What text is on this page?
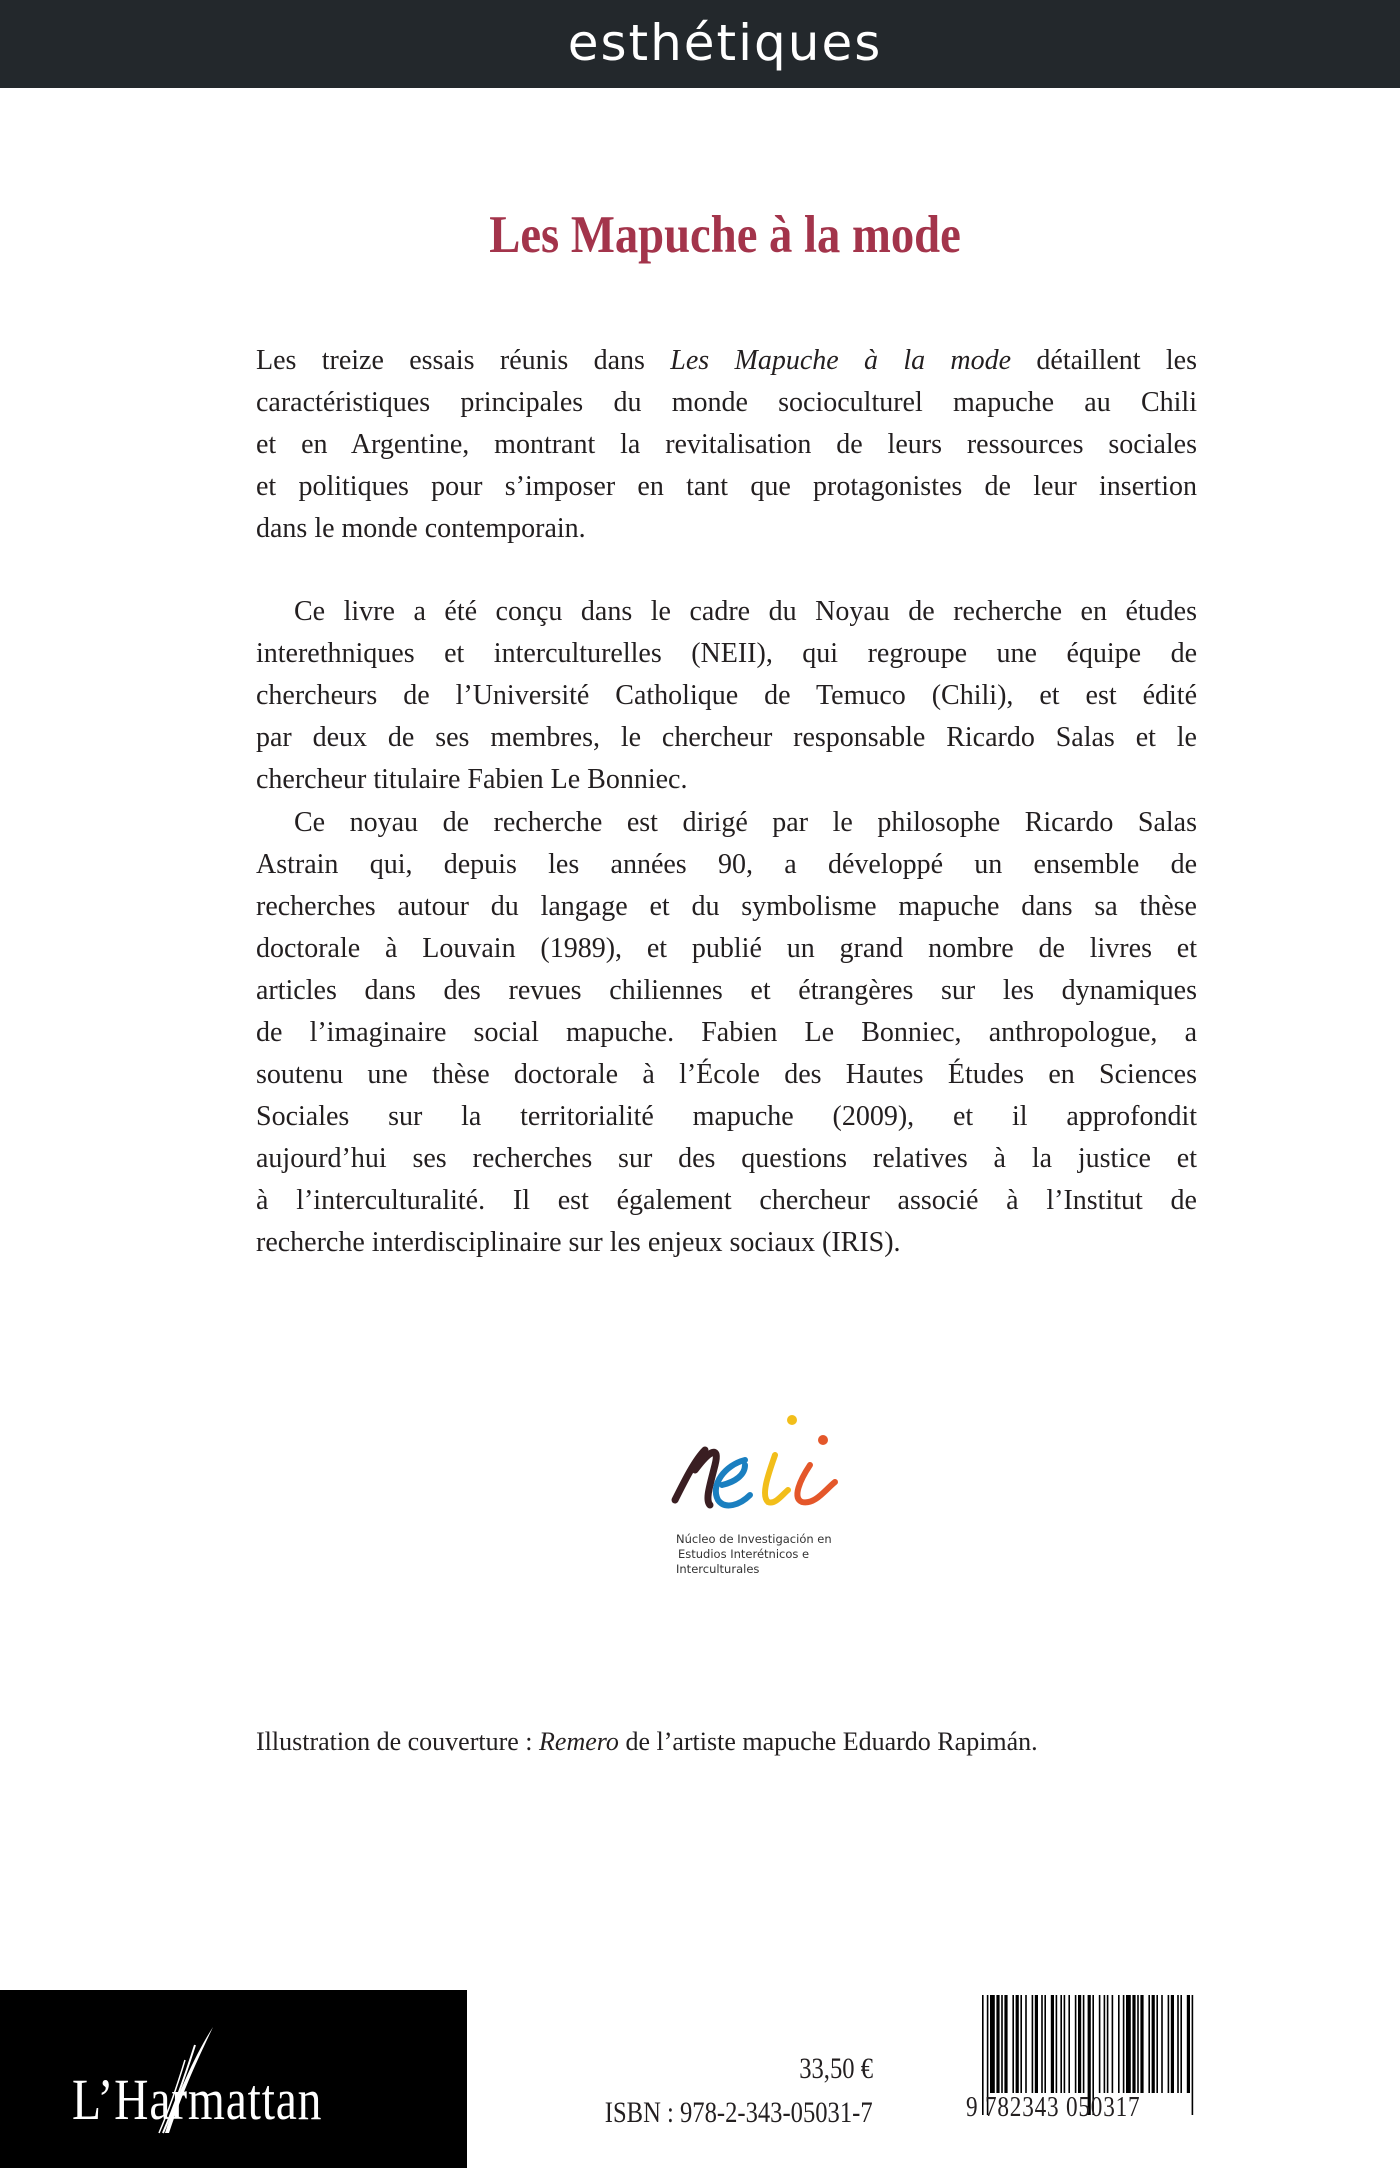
esthétiques
Les Mapuche à la mode
Les treize essais réunis dans Les Mapuche à la mode détaillent les
caractéristiques principales du monde socioculturel mapuche au Chili
et en Argentine, montrant la revitalisation de leurs ressources sociales
et politiques pour s’imposer en tant que protagonistes de leur insertion
dans le monde contemporain.
Ce livre a été conçu dans le cadre du Noyau de recherche en études
interethniques et interculturelles (NEII), qui regroupe une équipe de
chercheurs de l’Université Catholique de Temuco (Chili), et est édité
par deux de ses membres, le chercheur responsable Ricardo Salas et le
chercheur titulaire Fabien Le Bonniec.
Ce noyau de recherche est dirigé par le philosophe Ricardo Salas
Astrain qui, depuis les années 90, a développé un ensemble de
recherches autour du langage et du symbolisme mapuche dans sa thèse
doctorale à Louvain (1989), et publié un grand nombre de livres et
articles dans des revues chiliennes et étrangères sur les dynamiques
de l’imaginaire social mapuche. Fabien Le Bonniec, anthropologue, a
soutenu une thèse doctorale à l’École des Hautes Études en Sciences
Sociales sur la territorialité mapuche (2009), et il approfondit
aujourd’hui ses recherches sur des questions relatives à la justice et
à l’interculturalité. Il est également chercheur associé à l’Institut de
recherche interdisciplinaire sur les enjeux sociaux (IRIS).
Núcleo de Investigación en
Estudios Interétnicos e
Interculturales
Illustration de couverture : Remero de l’artiste mapuche Eduardo Rapimán.
L’Harmattan	33,50 €
ISBN : 978-2-343-05031-7	9 782343 050317
